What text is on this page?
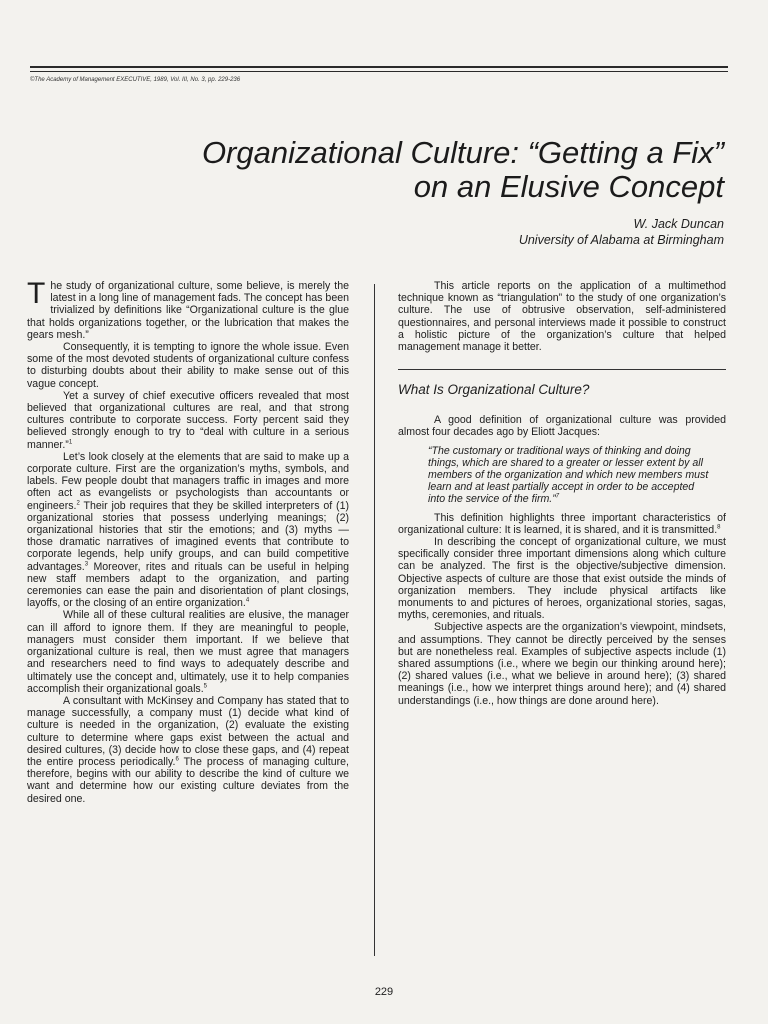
©The Academy of Management EXECUTIVE, 1989, Vol. III, No. 3, pp. 229-236
Organizational Culture: “Getting a Fix”
on an Elusive Concept
W. Jack Duncan
University of Alabama at Birmingham

The study of organizational culture, some believe, is merely the latest in a long line of management fads. The concept has been trivialized by definitions like “Organizational culture is the glue that holds organizations together, or the lubrication that makes the gears mesh.”

Consequently, it is tempting to ignore the whole issue. Even some of the most devoted students of organizational culture confess to disturbing doubts about their ability to make sense out of this vague concept.

Yet a survey of chief executive officers revealed that most believed that organizational cultures are real, and that strong cultures contribute to corporate success. Forty percent said they believed strongly enough to try to “deal with culture in a serious manner.”$^1$

Let’s look closely at the elements that are said to make up a corporate culture. First are the organization’s myths, symbols, and labels. Few people doubt that managers traffic in images and more often act as evangelists or psychologists than accountants or engineers.$^2$ Their job requires that they be skilled interpreters of (1) organizational stories that possess underlying meanings; (2) organizational histories that stir the emotions; and (3) myths — those dramatic narratives of imagined events that contribute to corporate legends, help unify groups, and can build competitive advantages.$^3$ Moreover, rites and rituals can be useful in helping new staff members adapt to the organization, and parting ceremonies can ease the pain and disorientation of plant closings, layoffs, or the closing of an entire organization.$^4$

While all of these cultural realities are elusive, the manager can ill afford to ignore them. If they are meaningful to people, managers must consider them important. If we believe that organizational culture is real, then we must agree that managers and researchers need to find ways to adequately describe and ultimately use the concept and, ultimately, use it to help companies accomplish their organizational goals.$^5$

A consultant with McKinsey and Company has stated that to manage successfully, a company must (1) decide what kind of culture is needed in the organization, (2) evaluate the existing culture to determine where gaps exist between the actual and desired cultures, (3) decide how to close these gaps, and (4) repeat the entire process periodically.$^6$ The process of managing culture, therefore, begins with our ability to describe the kind of culture we want and determine how our existing culture deviates from the desired one.

This article reports on the application of a multimethod technique known as “triangulation” to the study of one organization’s culture. The use of obtrusive observation, self-administered questionnaires, and personal interviews made it possible to construct a holistic picture of the organization’s culture that helped management manage it better.

What Is Organizational Culture?

A good definition of organizational culture was provided almost four decades ago by Eliott Jacques:

“The customary or traditional ways of thinking and doing things, which are shared to a greater or lesser extent by all members of the organization and which new members must learn and at least partially accept in order to be accepted into the service of the firm.”$^7$

This definition highlights three important characteristics of organizational culture: It is learned, it is shared, and it is transmitted.$^8$

In describing the concept of organizational culture, we must specifically consider three important dimensions along which culture can be analyzed. The first is the objective/subjective dimension. Objective aspects of culture are those that exist outside the minds of organization members. They include physical artifacts like monuments to and pictures of heroes, organizational stories, sagas, myths, ceremonies, and rituals.

Subjective aspects are the organization’s viewpoint, mindsets, and assumptions. They cannot be directly perceived by the senses but are nonetheless real. Examples of subjective aspects include (1) shared assumptions (i.e., where we begin our thinking around here); (2) shared values (i.e., what we believe in around here); (3) shared meanings (i.e., how we interpret things around here); and (4) shared understandings (i.e., how things are done around here).

229
